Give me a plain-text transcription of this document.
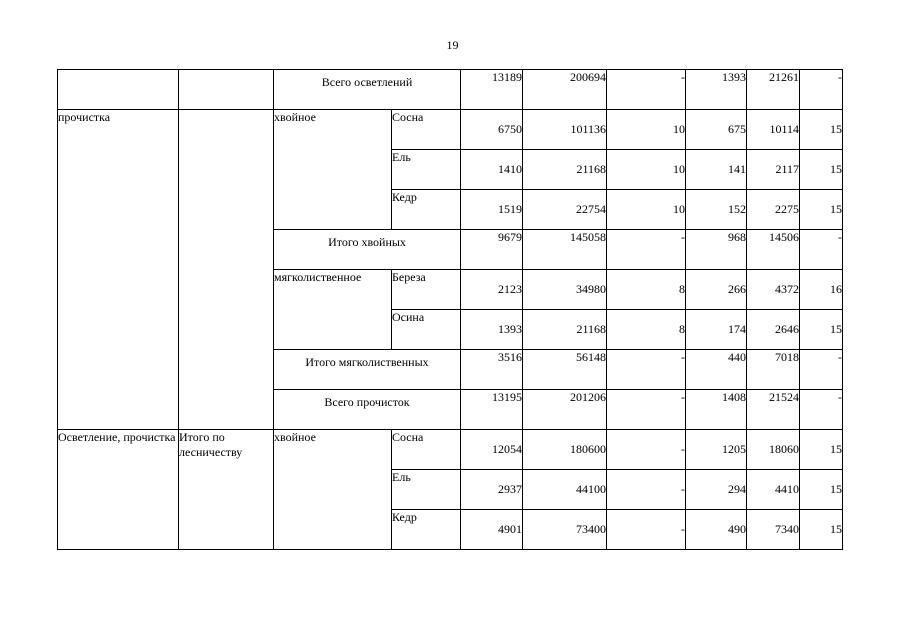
19

		Всего осветлений		13189	200694	-	1393	21261	-
прочистка		хвойное	Сосна	6750	101136	10	675	10114	15
			Ель	1410	21168	10	141	2117	15
			Кедр	1519	22754	10	152	2275	15

		Итого хвойных		9679	145058	-	968	14506	-
		мягколиственное	Береза	2123	34980	8	266	4372	16
			Осина	1393	21168	8	174	2646	15

		Итого мягколиственных		3516	56148	-	440	7018	-

		Всего прочисток		13195	201206	-	1408	21524	-
Осветление, прочистка	Итого по лесничеству	хвойное	Сосна	12054	180600	-	1205	18060	15
			Ель	2937	44100	-	294	4410	15
			Кедр	4901	73400	-	490	7340	15
